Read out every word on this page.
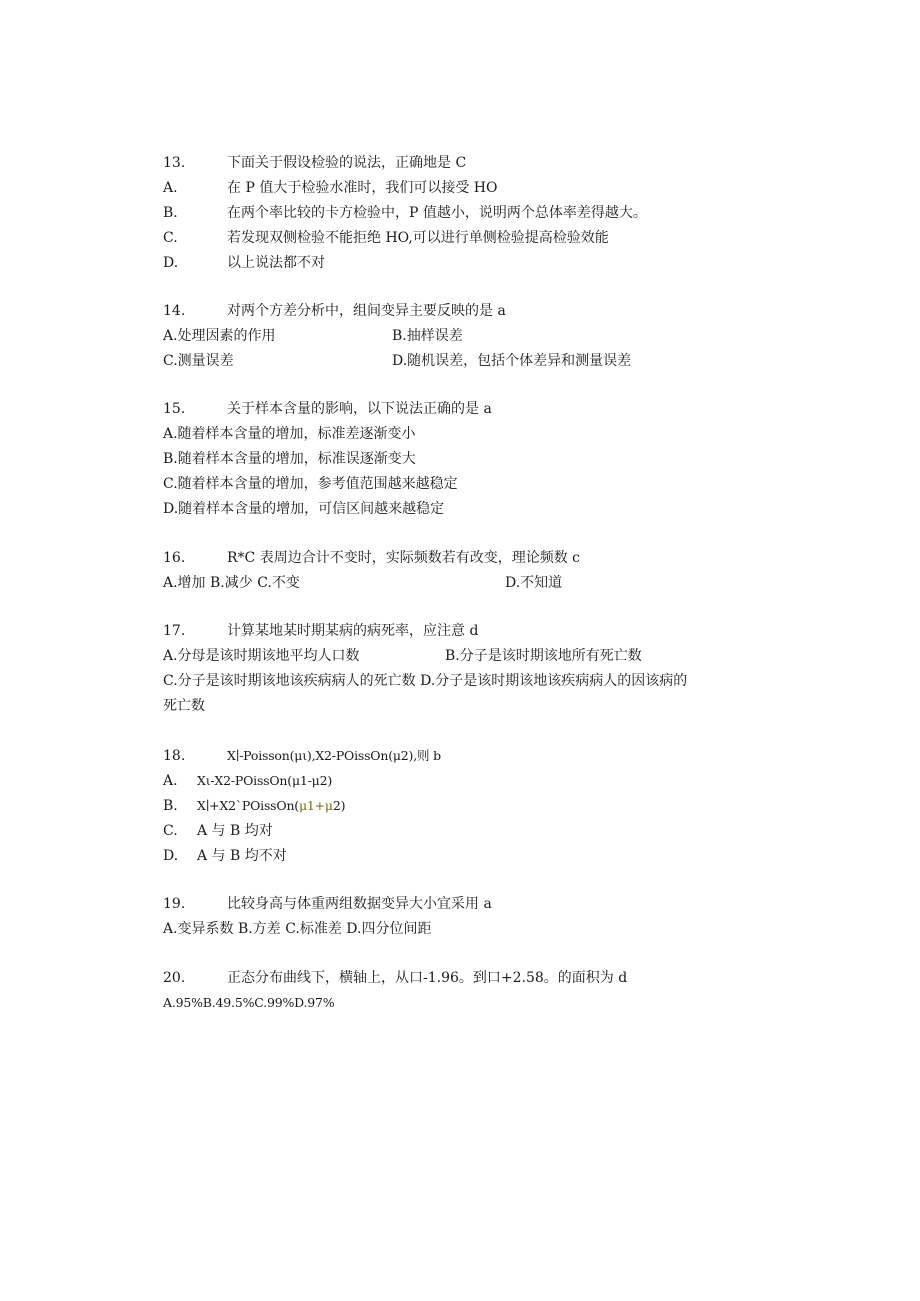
13.	下面关于假设检验的说法，正确地是 C
A.	在 P 值大于检验水准时，我们可以接受 HO
B.	在两个率比较的卡方检验中，P 值越小，说明两个总体率差得越大。
C.	若发现双侧检验不能拒绝 HO,可以进行单侧检验提高检验效能
D.	以上说法都不对
14.	对两个方差分析中，组间变异主要反映的是 a
A.处理因素的作用	B.抽样误差
C.测量误差	D.随机误差，包括个体差异和测量误差
15.	关于样本含量的影响，以下说法正确的是 a
A.随着样本含量的增加，标准差逐渐变小
B.随着样本含量的增加，标准误逐渐变大
C.随着样本含量的增加，参考值范围越来越稳定
D.随着样本含量的增加，可信区间越来越稳定
16.	R*C 表周边合计不变时，实际频数若有改变，理论频数 c
A.增加 B.减少 C.不变	D.不知道
17.	计算某地某时期某病的病死率，应注意 d
A.分母是该时期该地平均人口数	B.分子是该时期该地所有死亡数
C.分子是该时期该地该疾病病人的死亡数 D.分子是该时期该地该疾病病人的因该病的
死亡数
18.	X∣-Poisson(μι),X2-POissOn(μ2),则 b
A. Xι-X2-POissOn(μ1-μ2)
B. X∣+X2`POissOn(μ1+μ2)
C. A 与 B 均对
D. A 与 B 均不对
19.	比较身高与体重两组数据变异大小宜采用 a
A.变异系数 B.方差 C.标准差 D.四分位间距
20.	正态分布曲线下，横轴上，从口-1.96。到口+2.58。的面积为 d
A.95%B.49.5%C.99%D.97%
